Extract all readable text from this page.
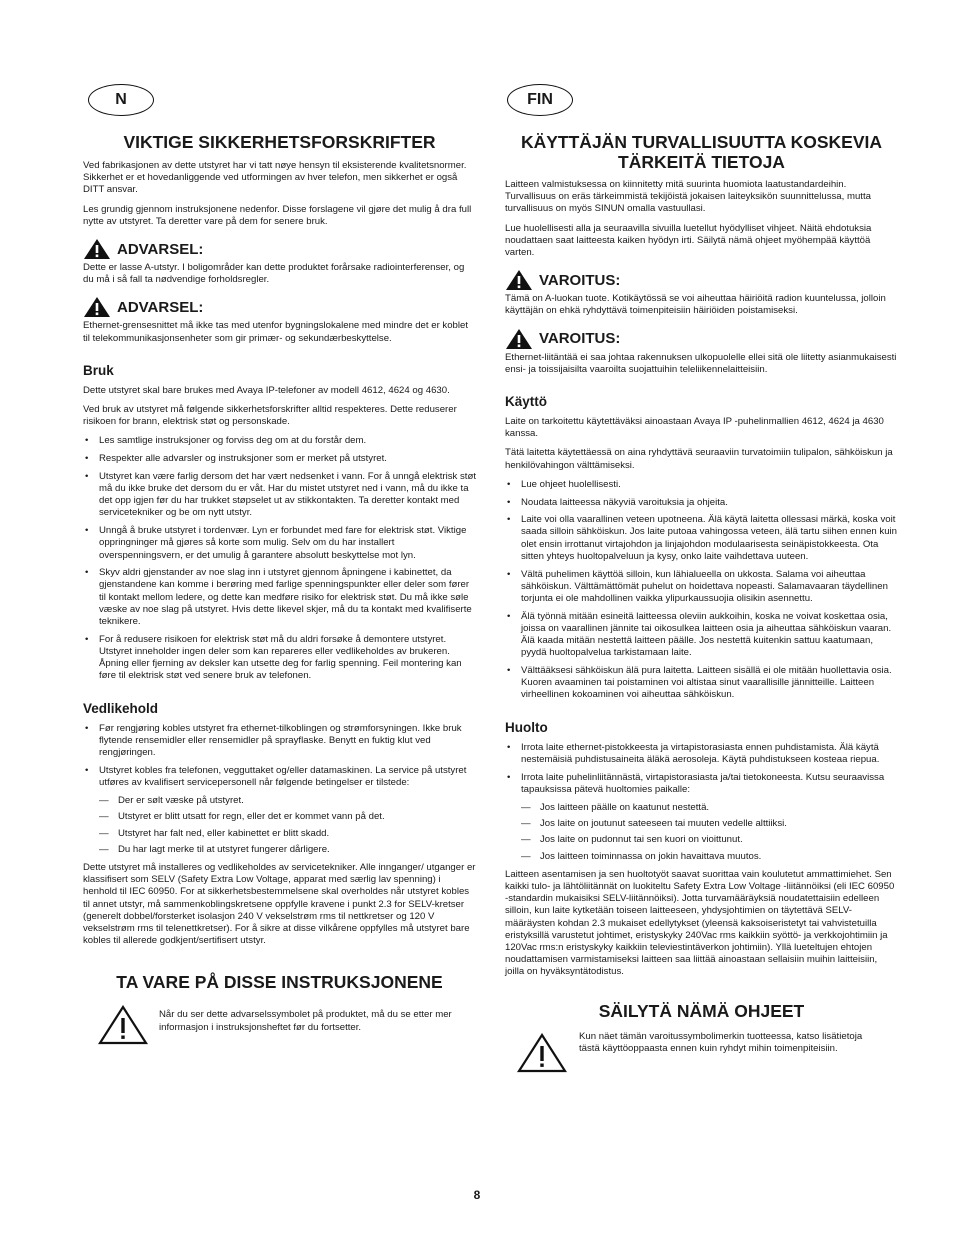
N
VIKTIGE SIKKERHETSFORSKRIFTER

Ved fabrikasjonen av dette utstyret har vi tatt nøye hensyn til eksisterende kvalitetsnormer. Sikkerhet er et hovedanliggende ved utformingen av hver telefon, men sikkerhet er også DITT ansvar.

Les grundig gjennom instruksjonene nedenfor. Disse forslagene vil gjøre det mulig å dra full nytte av utstyret. Ta deretter vare på dem for senere bruk.

ADVARSEL:

Dette er lasse A-utstyr. I boligområder kan dette produktet forårsake radiointerferenser, og du må i så fall ta nødvendige forholdsregler.

ADVARSEL:

Ethernet-grensesnittet må ikke tas med utenfor bygningslokalene med mindre det er koblet til telekommunikasjonsenheter som gir primær- og sekundærbeskyttelse.

Bruk

Dette utstyret skal bare brukes med Avaya IP-telefoner av modell 4612, 4624 og 4630.

Ved bruk av utstyret må følgende sikkerhetsforskrifter alltid respekteres. Dette reduserer risikoen for brann, elektrisk støt og personskade.

• Les samtlige instruksjoner og forviss deg om at du forstår dem.
• Respekter alle advarsler og instruksjoner som er merket på utstyret.
• Utstyret kan være farlig dersom det har vært nedsenket i vann. For å unngå elektrisk støt må du ikke bruke det dersom du er våt. Har du mistet utstyret ned i vann, må du ikke ta det opp igjen før du har trukket støpselet ut av stikkontakten. Ta deretter kontakt med servicetekniker og be om nytt utstyr.
• Unngå å bruke utstyret i tordenvær. Lyn er forbundet med fare for elektrisk støt. Viktige oppringninger må gjøres så korte som mulig. Selv om du har installert overspenningsvern, er det umulig å garantere absolutt beskyttelse mot lyn.
• Skyv aldri gjenstander av noe slag inn i utstyret gjennom åpningene i kabinettet, da gjenstandene kan komme i berøring med farlige spenningspunkter eller deler som fører til kontakt mellom ledere, og dette kan medføre risiko for elektrisk støt. Du må ikke søle væske av noe slag på utstyret. Hvis dette likevel skjer, må du ta kontakt med kvalifiserte teknikere.
• For å redusere risikoen for elektrisk støt må du aldri forsøke å demontere utstyret. Utstyret inneholder ingen deler som kan repareres eller vedlikeholdes av brukeren. Åpning eller fjerning av deksler kan utsette deg for farlig spenning. Feil montering kan føre til elektrisk støt ved senere bruk av telefonen.
Vedlikehold
• Før rengjøring kobles utstyret fra ethernet-tilkoblingen og strømforsyningen. Ikke bruk flytende rensemidler eller rensemidler på sprayflaske. Benytt en fuktig klut ved rengjøringen.
• Utstyret kobles fra telefonen, vegguttaket og/eller datamaskinen. La service på utstyret utføres av kvalifisert servicepersonell når følgende betingelser er tilstede:
— Der er sølt væske på utstyret.
— Utstyret er blitt utsatt for regn, eller det er kommet vann på det.
— Utstyret har falt ned, eller kabinettet er blitt skadd.
— Du har lagt merke til at utstyret fungerer dårligere.

Dette utstyret må installeres og vedlikeholdes av servicetekniker. Alle innganger/ utganger er klassifisert som SELV (Safety Extra Low Voltage, apparat med særlig lav spenning) i henhold til IEC 60950. For at sikkerhetsbestemmelsene skal overholdes når utstyret kobles til annet utstyr, må sammenkoblingskretsene oppfylle kravene i punkt 2.3 for SELV-kretser (generelt dobbel/forsterket isolasjon 240 V vekselstrøm rms til nettkretser og 120 V vekselstrøm rms til telenettkretser). For å sikre at disse vilkårene oppfylles må utstyret bare kobles til allerede godkjent/sertifisert utstyr.

TA VARE PÅ DISSE INSTRUKSJONENE

Når du ser dette advarselssymbolet på produktet, må du se etter mer informasjon i instruksjonsheftet før du fortsetter.

FIN
KÄYTTÄJÄN TURVALLISUUTTA KOSKEVIA TÄRKEITÄ TIETOJA

Laitteen valmistuksessa on kiinnitetty mitä suurinta huomiota laatustandardeihin. Turvallisuus on eräs tärkeimmistä tekijöistä jokaisen laiteyksikön suunnittelussa, mutta turvallisuus on myös SINUN omalla vastuullasi.

Lue huolellisesti alla ja seuraavilla sivuilla luetellut hyödylliset vihjeet. Näitä ehdotuksia noudattaen saat laitteesta kaiken hyödyn irti. Säilytä nämä ohjeet myöhempää käyttöä varten.

VAROITUS:

Tämä on A-luokan tuote. Kotikäytössä se voi aiheuttaa häiriöitä radion kuuntelussa, jolloin käyttäjän on ehkä ryhdyttävä toimenpiteisiin häiriöiden poistamiseksi.

VAROITUS:

Ethernet-liitäntää ei saa johtaa rakennuksen ulkopuolelle ellei sitä ole liitetty asianmukaisesti ensi- ja toissijaisilta vaaroilta suojattuihin teleliikennelaitteisiin.

Käyttö

Laite on tarkoitettu käytettäväksi ainoastaan Avaya IP -puhelinmallien 4612, 4624 ja 4630 kanssa.

Tätä laitetta käytettäessä on aina ryhdyttävä seuraaviin turvatoimiin tulipalon, sähköiskun ja henkilövahingon välttämiseksi.

• Lue ohjeet huolellisesti.
• Noudata laitteessa näkyviä varoituksia ja ohjeita.
• Laite voi olla vaarallinen veteen upotneena. Älä käytä laitetta ollessasi märkä, koska voit saada silloin sähköiskun. Jos laite putoaa vahingossa veteen, älä tartu siihen ennen kuin olet ensin irrottanut virtajohdon ja linjajohdon modulaarisesta seinäpistokkeesta. Ota sitten yhteys huoltopalveluun ja kysy, onko laite vaihdettava uuteen.
• Vältä puhelimen käyttöä silloin, kun lähialueella on ukkosta. Salama voi aiheuttaa sähköiskun. Välttämättömät puhelut on hoidettava nopeasti. Salamavaaran täydellinen torjunta ei ole mahdollinen vaikka ylipurkaussuojia olisikin asennettu.
• Älä työnnä mitään esineitä laitteessa oleviin aukkoihin, koska ne voivat koskettaa osia, joissa on vaarallinen jännite tai oikosulkea laitteen osia ja aiheuttaa sähköiskun vaaran. Älä kaada mitään nestettä laitteen päälle. Jos nestettä kuitenkin sattuu kaatumaan, pyydä huoltopalvelua tarkistamaan laite.
• Välttääksesi sähköiskun älä pura laitetta. Laitteen sisällä ei ole mitään huollettavia osia. Kuoren avaaminen tai poistaminen voi altistaa sinut vaarallisille jännitteille. Laitteen virheellinen kokoaminen voi aiheuttaa sähköiskun.
Huolto
• Irrota laite ethernet-pistokkeesta ja virtapistorasiasta ennen puhdistamista. Älä käytä nestemäisiä puhdistusaineita äläkä aerosoleja. Käytä puhdistukseen kosteaa riepua.
• Irrota laite puhelinliitännästä, virtapistorasiasta ja/tai tietokoneesta. Kutsu seuraavissa tapauksissa pätevä huoltomies paikalle:
— Jos laitteen päälle on kaatunut nestettä.
— Jos laite on joutunut sateeseen tai muuten vedelle alttiiksi.
— Jos laite on pudonnut tai sen kuori on vioittunut.
— Jos laitteen toiminnassa on jokin havaittava muutos.

Laitteen asentamisen ja sen huoltotyöt saavat suorittaa vain koulutetut ammattimiehet. Sen kaikki tulo- ja lähtöliitännät on luokiteltu Safety Extra Low Voltage -liitännöiksi (eli IEC 60950 -standardin mukaisiksi SELV-liitännöiksi). Jotta turvamääräyksiä noudatettaisiin edelleen silloin, kun laite kytketään toiseen laitteeseen, yhdysjohtimien on täytettävä SELV-määräysten kohdan 2.3 mukaiset edellytykset (yleensä kaksoiseristetyt tai vahvistetuilla eristyksillä varustetut johtimet, eristyskyky 240Vac rms kaikkiin syöttö- ja verkkojohtimiin ja 120Vac rms:n eristyskyky kaikkiin televiestintäverkon johtimiin). Yllä lueteltujen ehtojen noudattamisen varmistamiseksi laitteen saa liittää ainoastaan sellaisiin muihin laitteisiin, joilla on hyväksyntätodistus.

SÄILYTÄ NÄMÄ OHJEET

Kun näet tämän varoitussymbolimerkin tuotteessa, katso lisätietoja tästä käyttöoppaasta ennen kuin ryhdyt mihin toimenpiteisiin.

8
